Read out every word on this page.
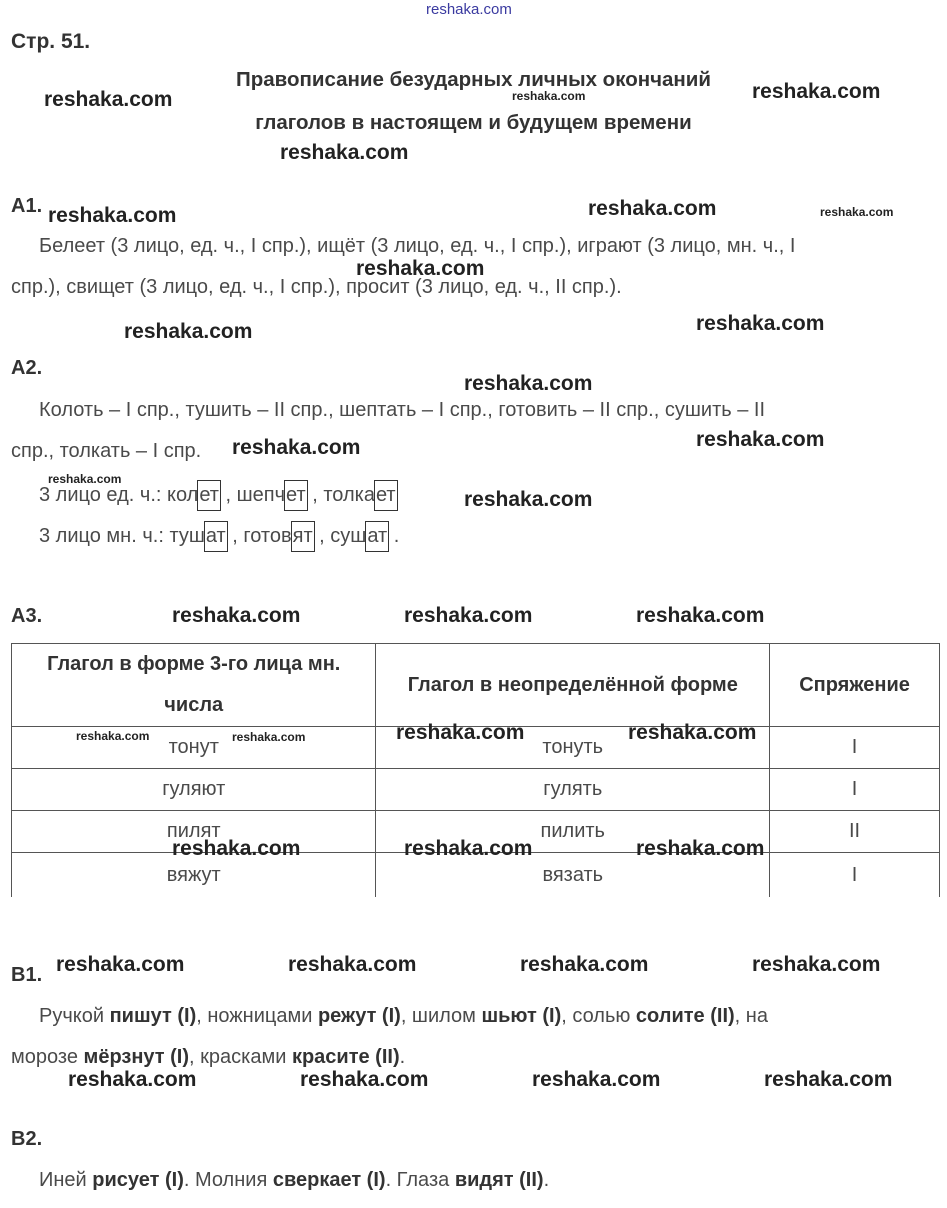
reshaka.com
Стр. 51.
Правописание безударных личных окончаний
глаголов в настоящем и будущем времени
reshaka.com	reshaka.com	reshaka.com
reshaka.com
А1. reshaka.com	reshaka.com	reshaka.com
Белеет (3 лицо, ед. ч., I спр.), ищёт (3 лицо, ед. ч., I спр.), играют (3 лицо, мн. ч., I
reshaka.com
спр.), свищет (3 лицо, ед. ч., I спр.), просит (3 лицо, ед. ч., II спр.).
reshaka.com	reshaka.com
А2.
reshaka.com
Колоть – I спр., тушить – II спр., шептать – I спр., готовить – II спр., сушить – II
reshaka.com
спр., толкать – I спр. reshaka.com
reshaka.com
3 лицо ед. ч.: колет , шепчет , толкает	reshaka.com
3 лицо мн. ч.: тушат , готовят , сушат .
А3.	reshaka.com	reshaka.com	reshaka.com
Глагол в форме 3-го лица мн. числа	Глагол в неопределённой форме	Спряжение
тонут	тонуть	I
гуляют	гулять	I
пилят	пилить	II
вяжут	вязать	I
reshaka.com	reshaka.com	reshaka.com	reshaka.com
reshaka.com	reshaka.com	reshaka.com
В1. reshaka.com	reshaka.com	reshaka.com	reshaka.com
Ручкой пишут (I), ножницами режут (I), шилом шьют (I), солью солите (II), на
морозе мёрзнут (I), красками красите (II).
reshaka.com	reshaka.com	reshaka.com	reshaka.com
В2.
Иней рисует (I). Молния сверкает (I). Глаза видят (II).
